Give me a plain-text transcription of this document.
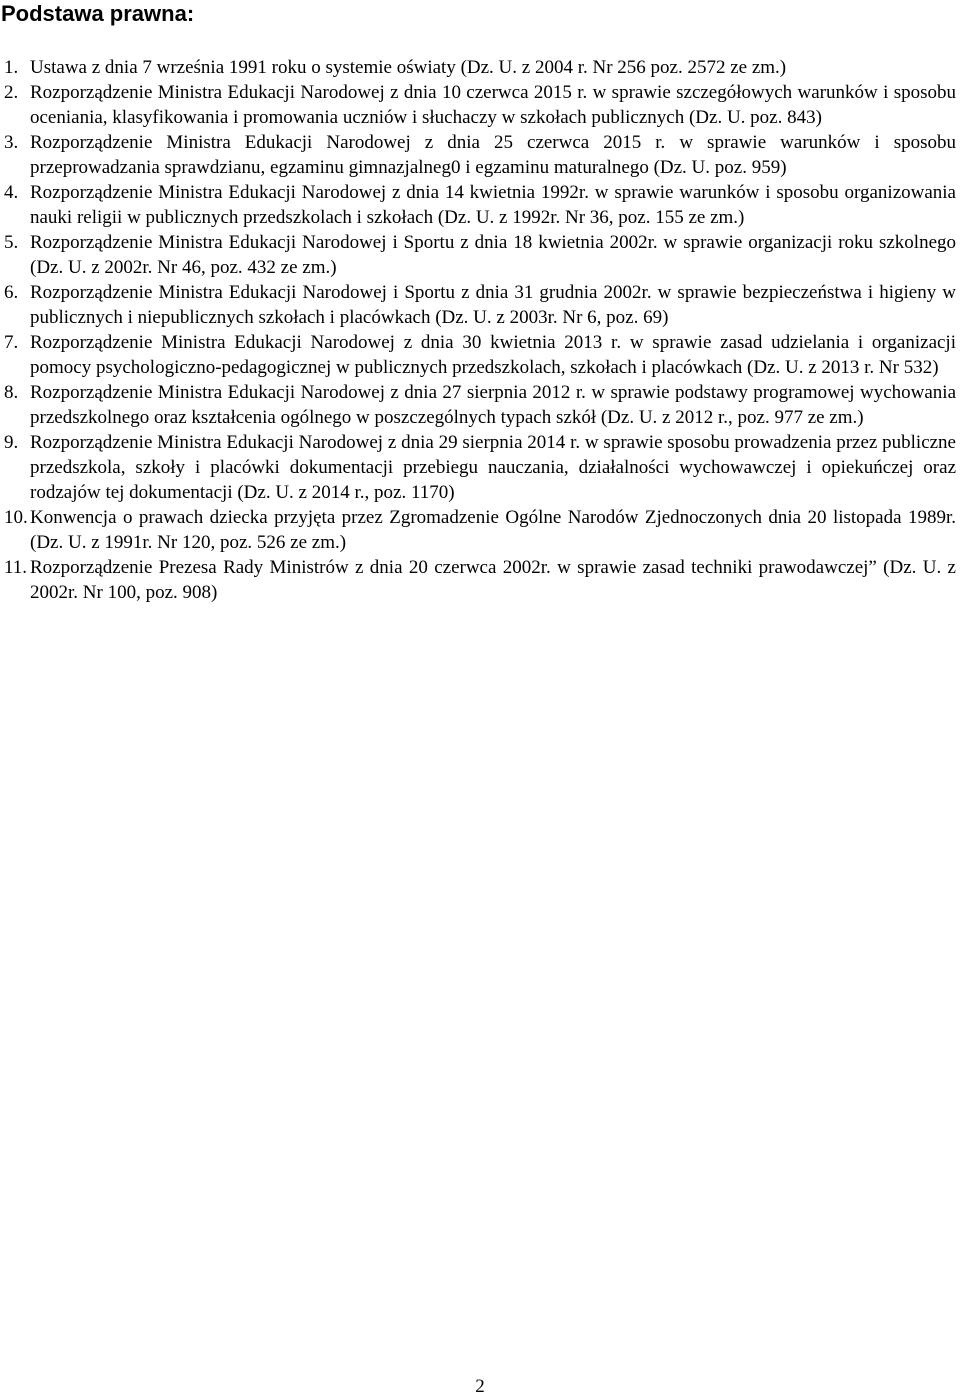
Podstawa prawna:
1. Ustawa z dnia 7 września 1991 roku o systemie oświaty (Dz. U. z 2004 r. Nr 256 poz. 2572 ze zm.)
2. Rozporządzenie Ministra Edukacji Narodowej z dnia 10 czerwca 2015 r. w sprawie szczegółowych warunków i sposobu oceniania, klasyfikowania i promowania uczniów i słuchaczy w szkołach publicznych (Dz. U. poz. 843)
3. Rozporządzenie Ministra Edukacji Narodowej z dnia 25 czerwca 2015 r. w sprawie warunków i sposobu przeprowadzania sprawdzianu, egzaminu gimnazjalneg0 i egzaminu maturalnego (Dz. U. poz. 959)
4. Rozporządzenie Ministra Edukacji Narodowej z dnia 14 kwietnia 1992r. w sprawie warunków i sposobu organizowania nauki religii w publicznych przedszkolach i szkołach (Dz. U. z 1992r. Nr 36, poz. 155 ze zm.)
5. Rozporządzenie Ministra Edukacji Narodowej i Sportu z dnia 18 kwietnia 2002r. w sprawie organizacji roku szkolnego (Dz. U. z 2002r. Nr 46, poz. 432 ze zm.)
6. Rozporządzenie Ministra Edukacji Narodowej i Sportu z dnia 31 grudnia 2002r. w sprawie bezpieczeństwa i higieny w publicznych i niepublicznych szkołach i placówkach (Dz. U. z 2003r. Nr 6, poz. 69)
7. Rozporządzenie Ministra Edukacji Narodowej z dnia 30 kwietnia 2013 r. w sprawie zasad udzielania i organizacji pomocy psychologiczno-pedagogicznej w publicznych przedszkolach, szkołach i placówkach (Dz. U. z 2013 r. Nr 532)
8. Rozporządzenie Ministra Edukacji Narodowej z dnia 27 sierpnia 2012 r. w sprawie podstawy programowej wychowania przedszkolnego oraz kształcenia ogólnego w poszczególnych typach szkół (Dz. U. z 2012 r., poz. 977 ze zm.)
9. Rozporządzenie Ministra Edukacji Narodowej z dnia 29 sierpnia 2014 r. w sprawie sposobu prowadzenia przez publiczne przedszkola, szkoły i placówki dokumentacji przebiegu nauczania, działalności wychowawczej i opiekuńczej oraz rodzajów tej dokumentacji (Dz. U. z 2014 r., poz. 1170)
10. Konwencja o prawach dziecka przyjęta przez Zgromadzenie Ogólne Narodów Zjednoczonych dnia 20 listopada 1989r. (Dz. U. z 1991r. Nr 120, poz. 526 ze zm.)
11. Rozporządzenie Prezesa Rady Ministrów z dnia 20 czerwca 2002r. w sprawie zasad techniki prawodawczej” (Dz. U. z 2002r. Nr 100, poz. 908)

2
